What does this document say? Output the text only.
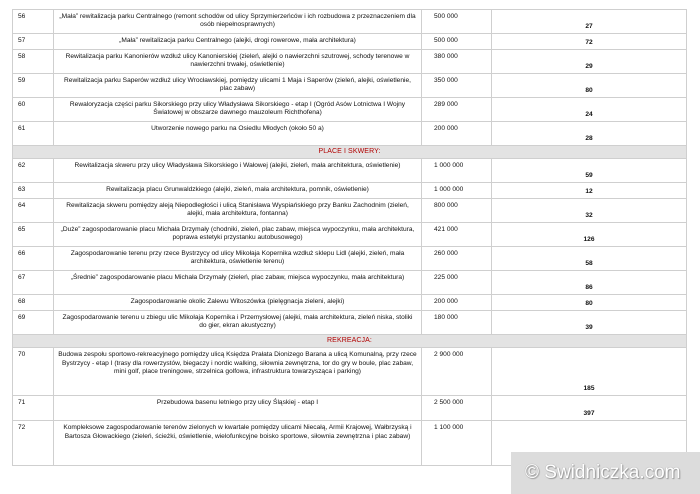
56	„Mała” rewitalizacja parku Centralnego (remont schodów od ulicy Sprzymierzeńców i ich rozbudowa z przeznaczeniem dla osób niepełnosprawnych)	500 000	27
57	„Mała” rewitalizacja parku Centralnego (alejki, drogi rowerowe, mała architektura)	500 000	72
58	Rewitalizacja parku Kanonierów wzdłuż ulicy Kanonierskiej (zieleń, alejki o nawierzchni szutrowej, schody terenowe w nawierzchni trwałej, oświetlenie)	380 000	29
59	Rewitalizacja parku Saperów wzdłuż ulicy Wrocławskiej, pomiędzy ulicami 1 Maja i Saperów (zieleń, alejki, oświetlenie, plac zabaw)	350 000	80
60	Rewaloryzacja części parku Sikorskiego przy ulicy Władysława Sikorskiego - etap I (Ogród Asów Lotnictwa I Wojny Światowej w obszarze dawnego mauzoleum Richthofena)	289 000	24
61	Utworzenie nowego parku na Osiedlu Młodych (około 50 a)	200 000	28
PLACE I SKWERY:			
62	Rewitalizacja skweru przy ulicy Władysława Sikorskiego i Wałowej (alejki, zieleń, mała architektura, oświetlenie)	1 000 000	59
63	Rewitalizacja placu Grunwaldzkiego (alejki, zieleń, mała architektura, pomnik, oświetlenie)	1 000 000	12
64	Rewitalizacja skweru pomiędzy aleją Niepodległości i ulicą Stanisława Wyspiańskiego przy Banku Zachodnim (zieleń, alejki, mała architektura, fontanna)	800 000	32
65	„Duże” zagospodarowanie placu Michała Drzymały (chodniki, zieleń, plac zabaw, miejsca wypoczynku, mała architektura, poprawa estetyki przystanku autobusowego)	421 000	126
66	Zagospodarowanie terenu przy rzece Bystrzycy od ulicy Mikołaja Kopernika wzdłuż sklepu Lidl (alejki, zieleń, mała architektura, oświetlenie terenu)	260 000	58
67	„Średnie” zagospodarowanie placu Michała Drzymały (zieleń, plac zabaw, miejsca wypoczynku, mała architektura)	225 000	86
68	Zagospodarowanie okolic Zalewu Witoszówka (pielęgnacja zieleni, alejki)	200 000	80
69	Zagospodarowanie terenu u zbiegu ulic Mikołaja Kopernika i Przemysłowej (alejki, mała architektura, zieleń niska, stoliki do gier, ekran akustyczny)	180 000	39
REKREACJA:			
70	Budowa zespołu sportowo-rekreacyjnego pomiędzy ulicą Księdza Prałata Dionizego Barana a ulicą Komunalną, przy rzece Bystrzycy - etap I (trasy dla rowerzystów, biegaczy i nordic walking, siłownia zewnętrzna, tor do gry w boule, plac zabaw, mini golf, place treningowe, strzelnica golfowa, infrastruktura towarzysząca i parking)	2 900 000	185
71	Przebudowa basenu letniego przy ulicy Śląskiej - etap I	2 500 000	397
72	Kompleksowe zagospodarowanie terenów zielonych w kwartale pomiędzy ulicami Niecałą, Armii Krajowej, Wałbrzyską i Bartosza Głowackiego (zieleń, ścieżki, oświetlenie, wielofunkcyjne boisko sportowe, siłownia zewnętrzna i plac zabaw)	1 100 000	
© Swidniczka.com
